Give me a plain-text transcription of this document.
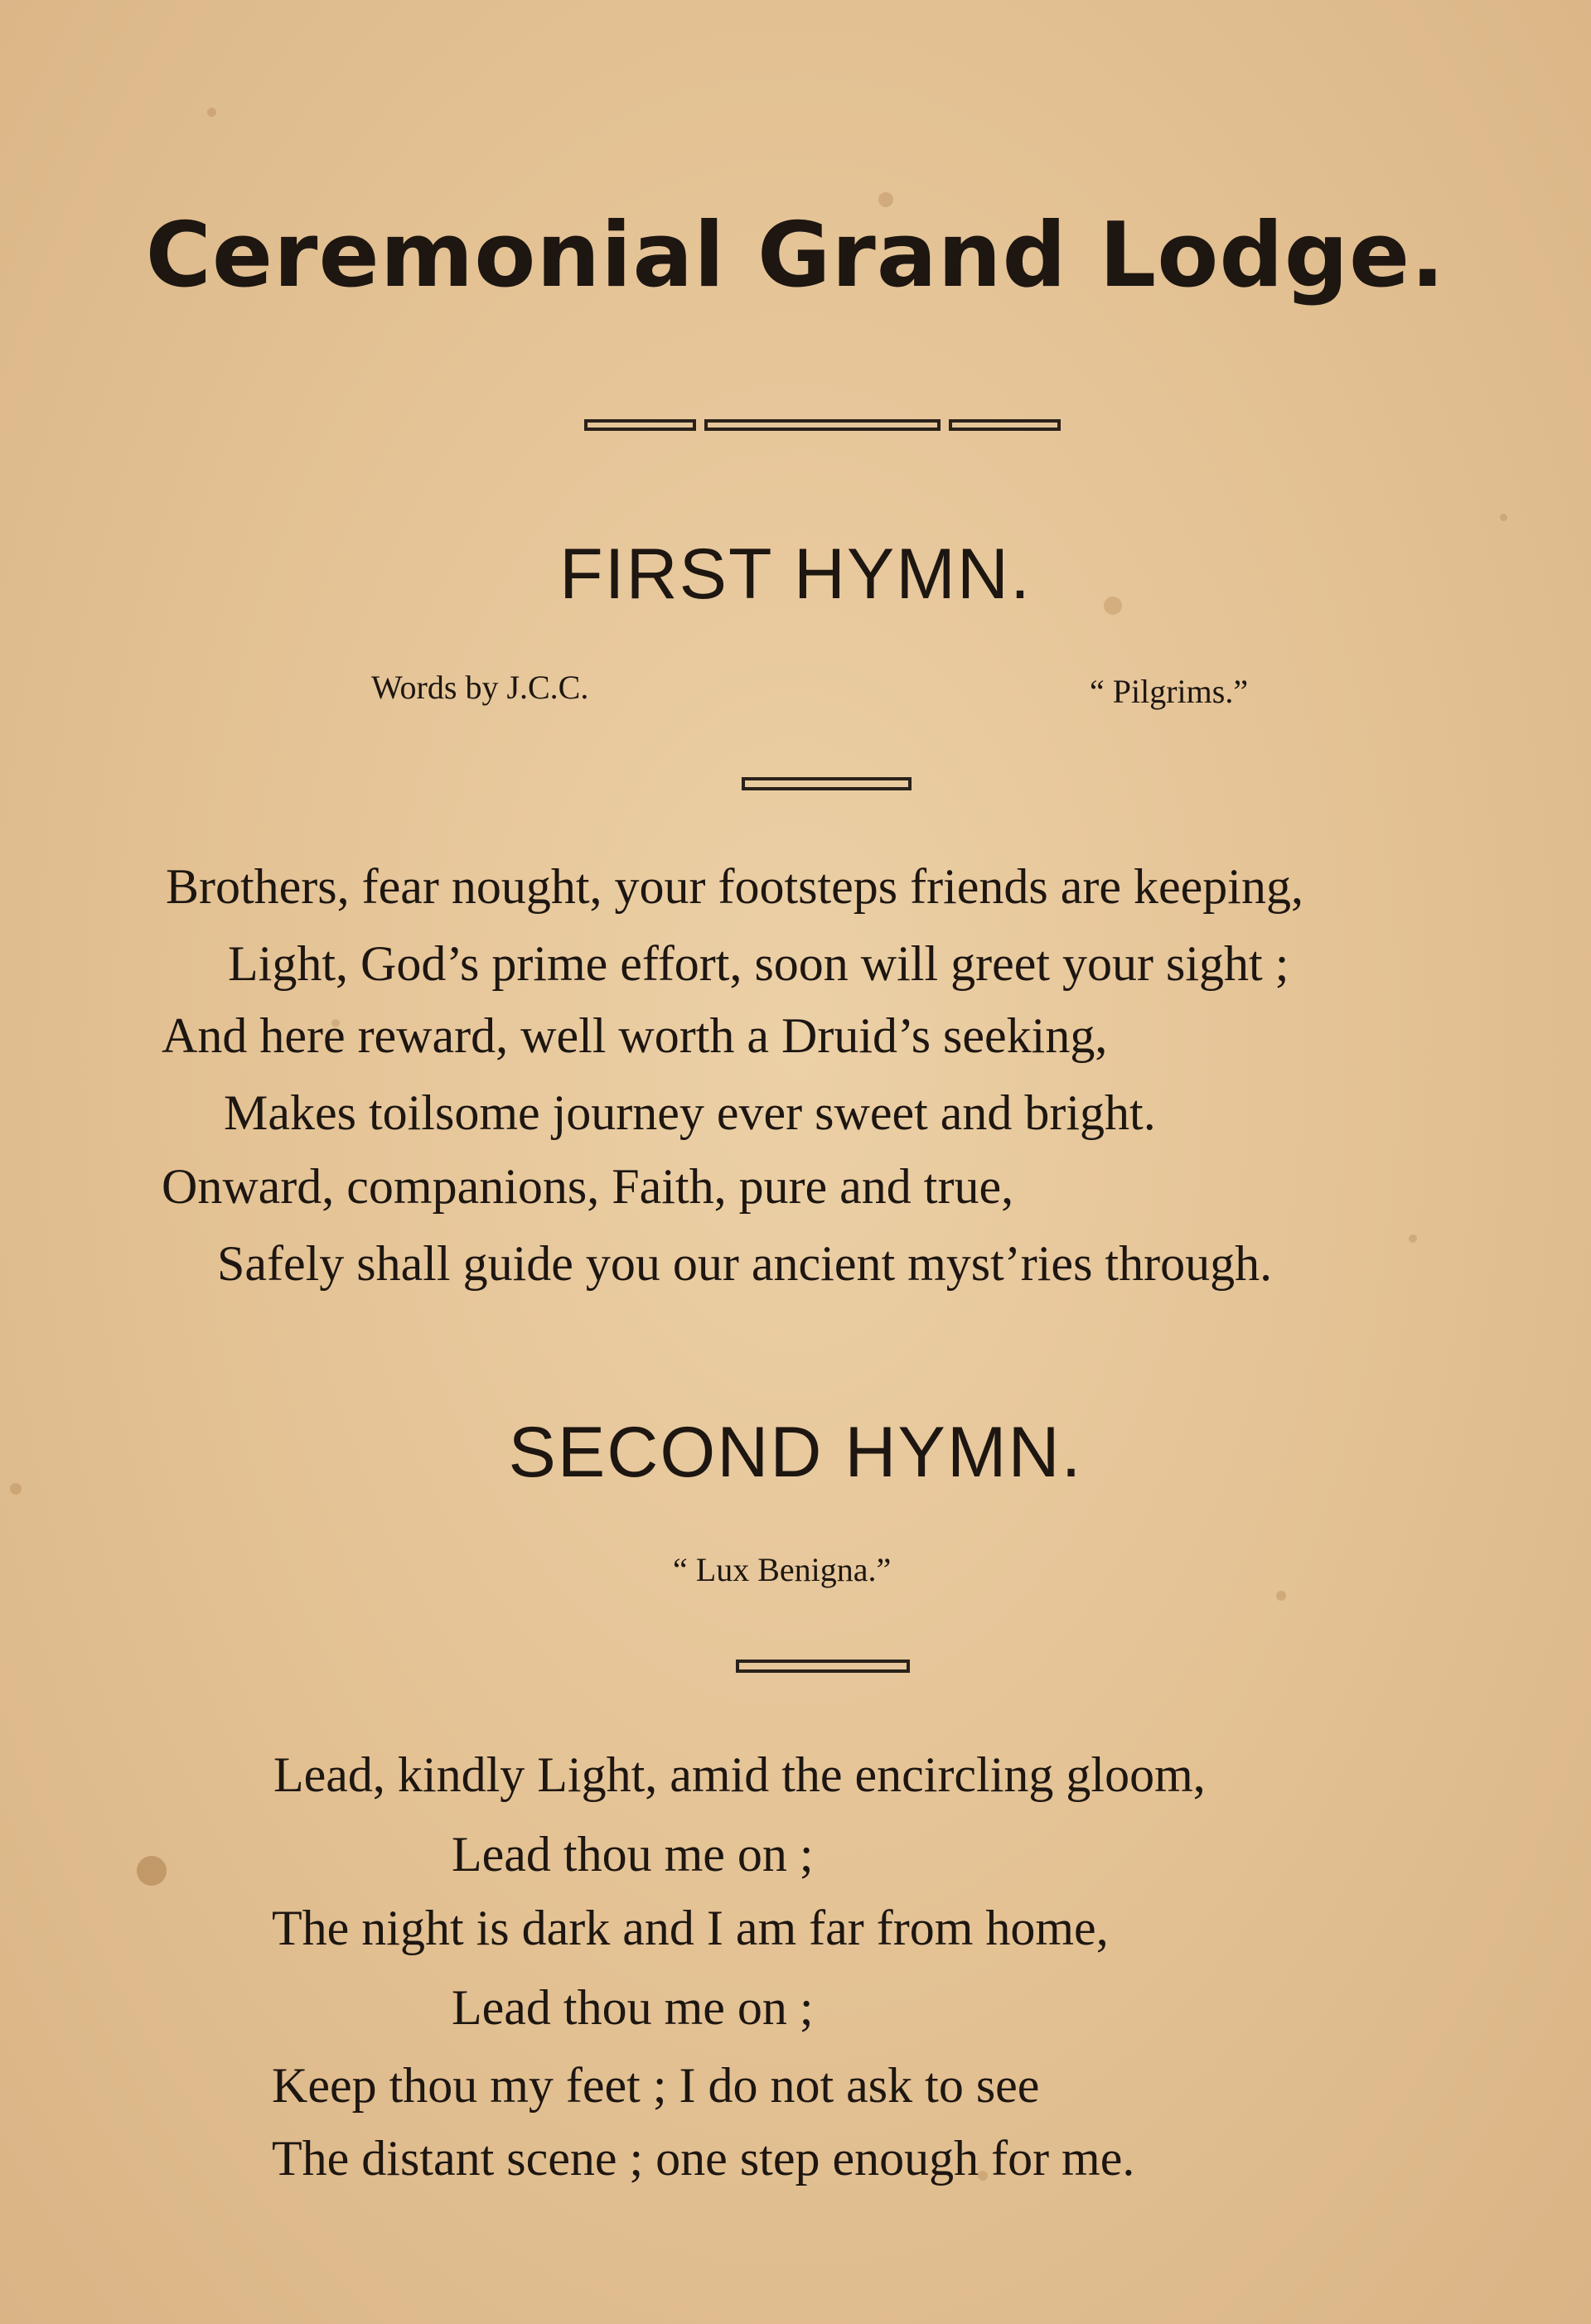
Ceremonial Grand Lodge.
FIRST HYMN.
Words by J.C.C.	“ Pilgrims.”
Brothers, fear nought, your footsteps friends are keeping,
Light, God’s prime effort, soon will greet your sight ;
And here reward, well worth a Druid’s seeking,
Makes toilsome journey ever sweet and bright.
Onward, companions, Faith, pure and true,
Safely shall guide you our ancient myst’ries through.
SECOND HYMN.
“ Lux Benigna.”
Lead, kindly Light, amid the encircling gloom,
Lead thou me on ;
The night is dark and I am far from home,
Lead thou me on ;
Keep thou my feet ; I do not ask to see
The distant scene ; one step enough for me.
